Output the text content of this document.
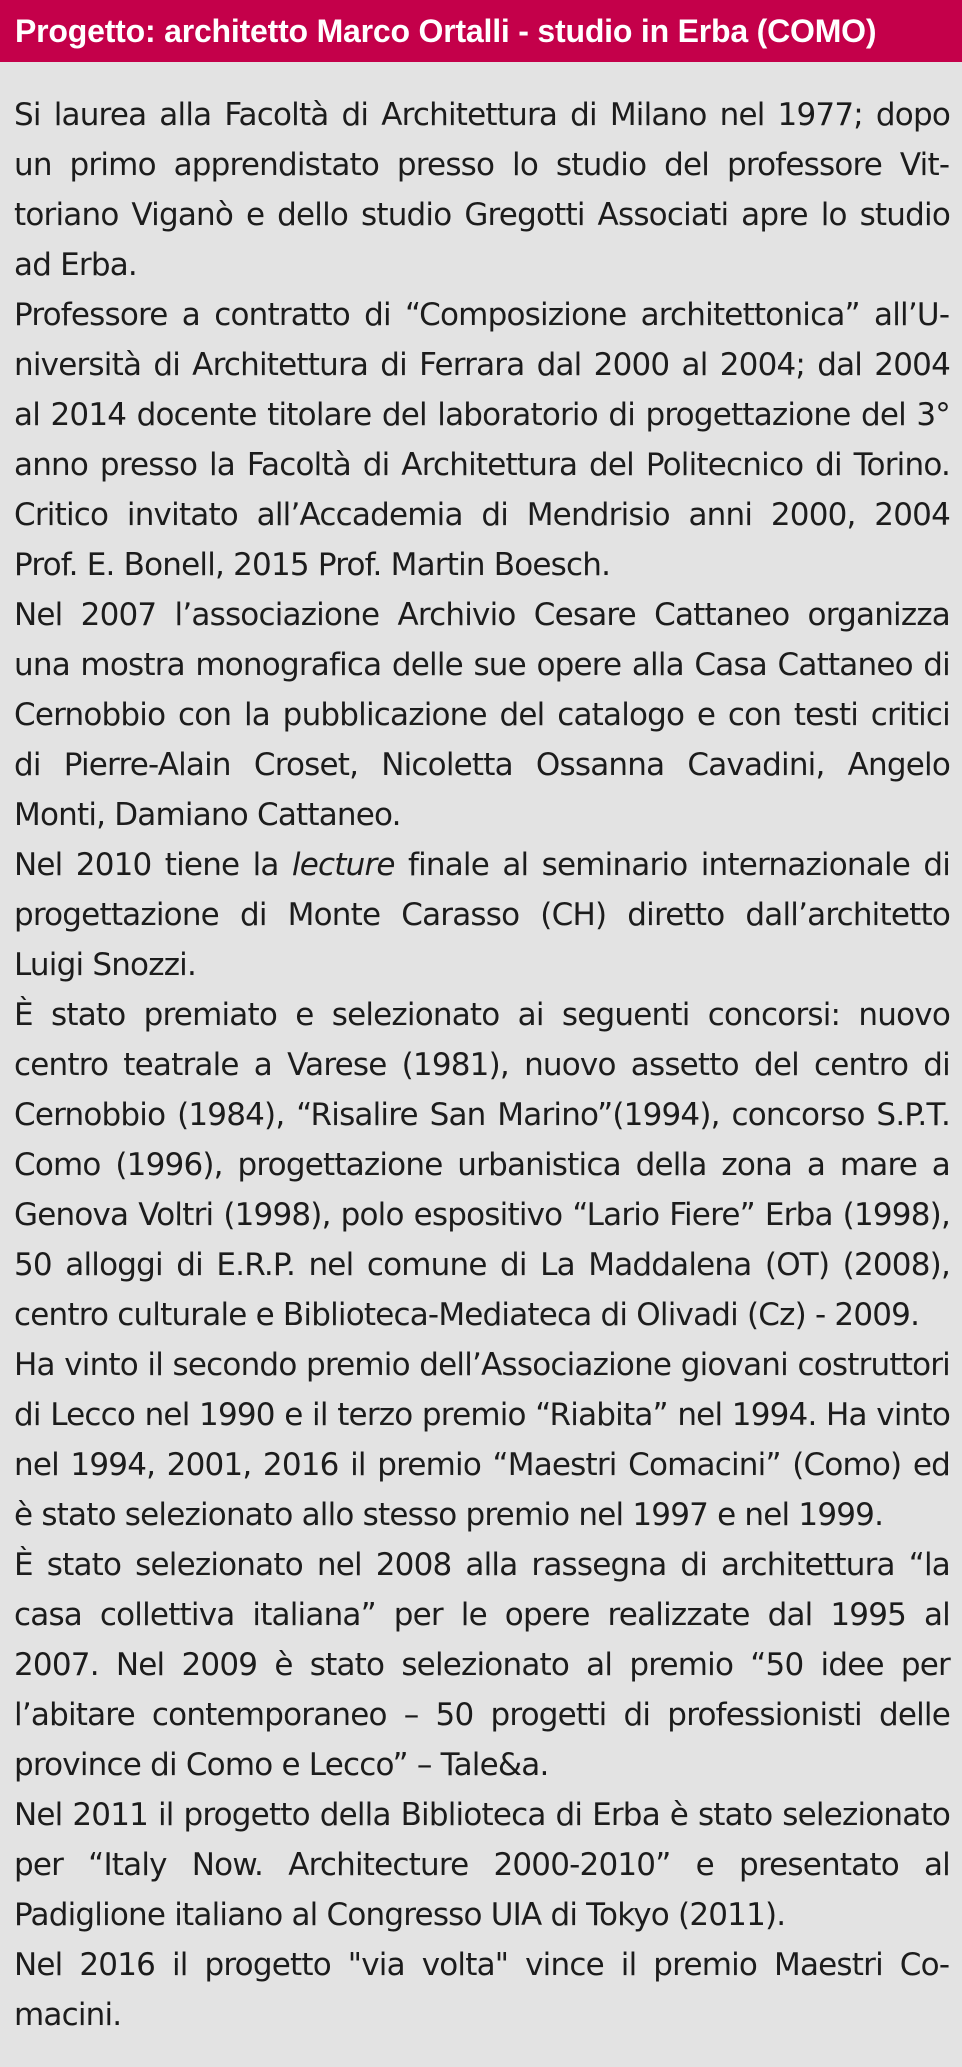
Progetto: architetto Marco Ortalli - studio in Erba (COMO)

Si laurea alla Facoltà di Architettura di Milano nel 1977; dopo un primo apprendistato presso lo studio del professore Vittoriano Viganò e dello studio Gregotti Associati apre lo studio ad Erba.

Professore a contratto di “Composizione architettonica” all’Università di Architettura di Ferrara dal 2000 al 2004; dal 2004 al 2014 docente titolare del laboratorio di progettazione del 3° anno presso la Facoltà di Architettura del Politecnico di Torino. Critico invitato all’Accademia di Mendrisio anni 2000, 2004 Prof. E. Bonell, 2015 Prof. Martin Boesch.

Nel 2007 l’associazione Archivio Cesare Cattaneo organizza una mostra monografica delle sue opere alla Casa Cattaneo di Cernobbio con la pubblicazione del catalogo e con testi critici di Pierre-Alain Croset, Nicoletta Ossanna Cavadini, Angelo Monti, Damiano Cattaneo.

Nel 2010 tiene la lecture finale al seminario internazionale di progettazione di Monte Carasso (CH) diretto dall’architetto Luigi Snozzi.

È stato premiato e selezionato ai seguenti concorsi: nuovo centro teatrale a Varese (1981), nuovo assetto del centro di Cernobbio (1984), “Risalire San Marino”(1994), concorso S.P.T. Como (1996), progettazione urbanistica della zona a mare a Genova Voltri (1998), polo espositivo “Lario Fiere” Erba (1998), 50 alloggi di E.R.P. nel comune di La Maddalena (OT) (2008), centro culturale e Biblioteca-Mediateca di Olivadi (Cz) - 2009.

Ha vinto il secondo premio dell’Associazione giovani costruttori di Lecco nel 1990 e il terzo premio “Riabita” nel 1994. Ha vinto nel 1994, 2001, 2016 il premio “Maestri Comacini” (Como) ed è stato selezionato allo stesso premio nel 1997 e nel 1999.

È stato selezionato nel 2008 alla rassegna di architettura “la casa collettiva italiana” per le opere realizzate dal 1995 al 2007. Nel 2009 è stato selezionato al premio “50 idee per l’abitare contemporaneo – 50 progetti di professionisti delle province di Como e Lecco” – Tale&a.

Nel 2011 il progetto della Biblioteca di Erba è stato selezionato per “Italy Now. Architecture 2000-2010” e presentato al Padiglione italiano al Congresso UIA di Tokyo (2011).

Nel 2016 il progetto "via volta" vince il premio Maestri Comacini.
